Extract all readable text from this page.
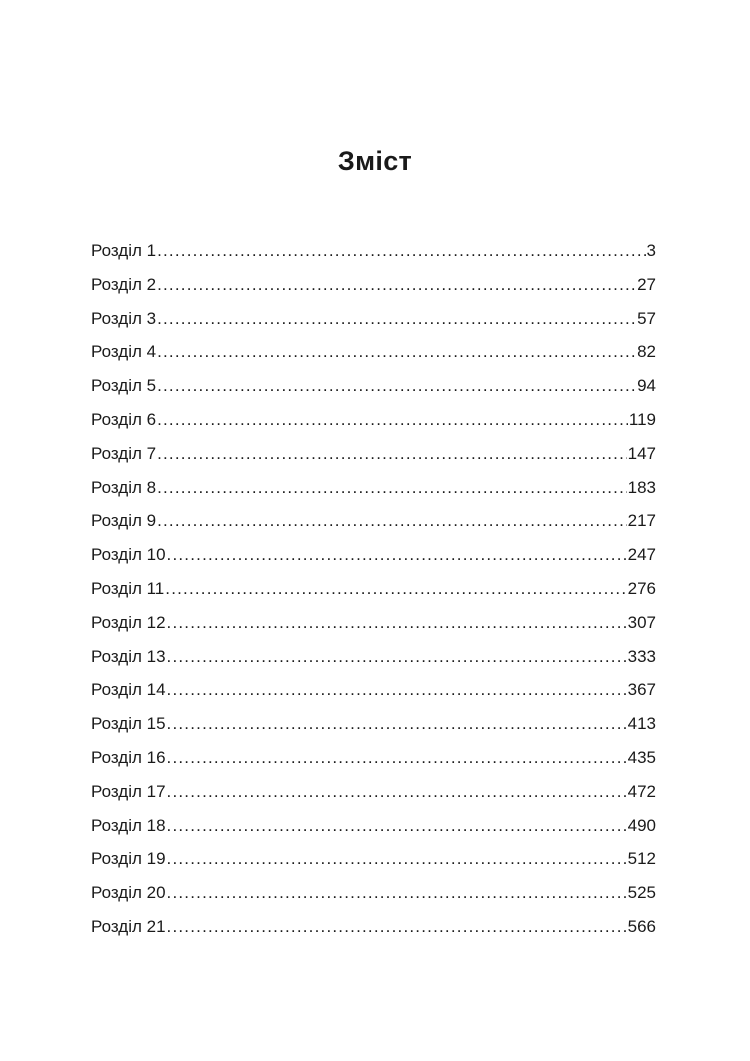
Зміст
Розділ 1 .....	3
Розділ 2 .....	27
Розділ 3 .....	57
Розділ 4 .....	82
Розділ 5 .....	94
Розділ 6 .....	119
Розділ 7 .....	147
Розділ 8 .....	183
Розділ 9 .....	217
Розділ 10 .....	247
Розділ 11 .....	276
Розділ 12 .....	307
Розділ 13 .....	333
Розділ 14 .....	367
Розділ 15 .....	413
Розділ 16 .....	435
Розділ 17 .....	472
Розділ 18 .....	490
Розділ 19 .....	512
Розділ 20 .....	525
Розділ 21 .....	566
